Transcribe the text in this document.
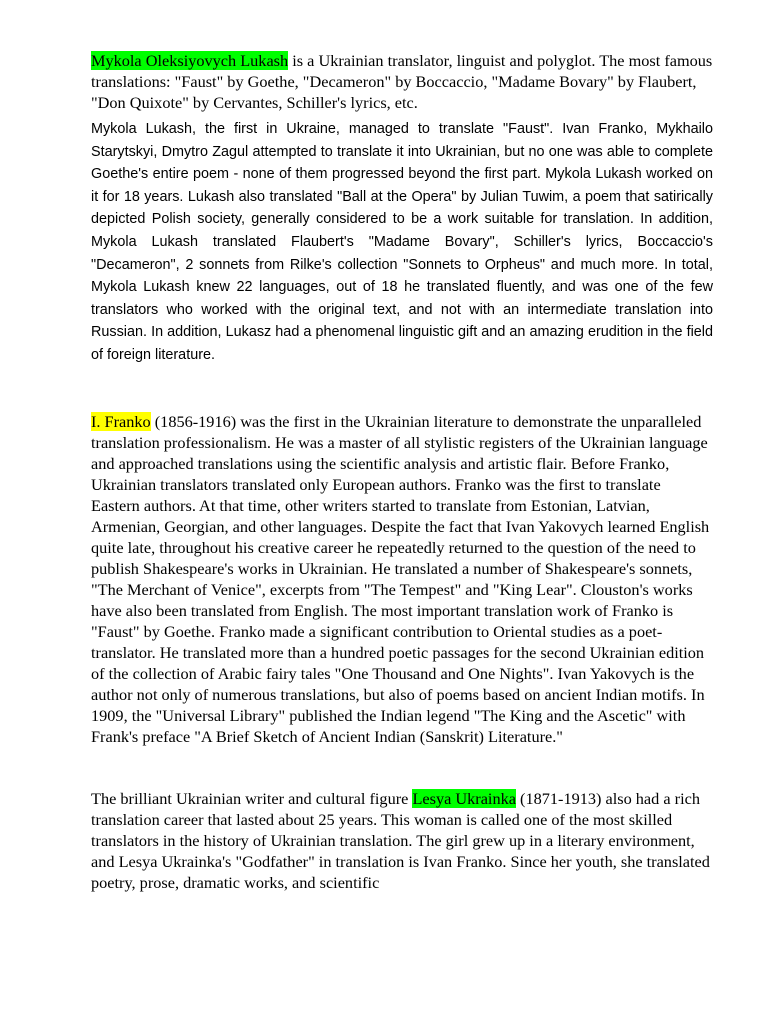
Mykola Oleksiyovych Lukash is a Ukrainian translator, linguist and polyglot. The most famous translations: "Faust" by Goethe, "Decameron" by Boccaccio, "Madame Bovary" by Flaubert, "Don Quixote" by Cervantes, Schiller's lyrics, etc.

Mykola Lukash, the first in Ukraine, managed to translate "Faust". Ivan Franko, Mykhailo Starytskyi, Dmytro Zagul attempted to translate it into Ukrainian, but no one was able to complete Goethe's entire poem - none of them progressed beyond the first part. Mykola Lukash worked on it for 18 years. Lukash also translated "Ball at the Opera" by Julian Tuwim, a poem that satirically depicted Polish society, generally considered to be a work suitable for translation. In addition, Mykola Lukash translated Flaubert's "Madame Bovary", Schiller's lyrics, Boccaccio's "Decameron", 2 sonnets from Rilke's collection "Sonnets to Orpheus" and much more. In total, Mykola Lukash knew 22 languages, out of 18 he translated fluently, and was one of the few translators who worked with the original text, and not with an intermediate translation into Russian. In addition, Lukasz had a phenomenal linguistic gift and an amazing erudition in the field of foreign literature.

I. Franko (1856-1916) was the first in the Ukrainian literature to demonstrate the unparalleled translation professionalism. He was a master of all stylistic registers of the Ukrainian language and approached translations using the scientific analysis and artistic flair. Before Franko, Ukrainian translators translated only European authors. Franko was the first to translate Eastern authors. At that time, other writers started to translate from Estonian, Latvian, Armenian, Georgian, and other languages. Despite the fact that Ivan Yakovych learned English quite late, throughout his creative career he repeatedly returned to the question of the need to publish Shakespeare's works in Ukrainian. He translated a number of Shakespeare's sonnets, "The Merchant of Venice", excerpts from "The Tempest" and "King Lear". Clouston's works have also been translated from English. The most important translation work of Franko is "Faust" by Goethe. Franko made a significant contribution to Oriental studies as a poet-translator. He translated more than a hundred poetic passages for the second Ukrainian edition of the collection of Arabic fairy tales "One Thousand and One Nights". Ivan Yakovych is the author not only of numerous translations, but also of poems based on ancient Indian motifs. In 1909, the "Universal Library" published the Indian legend "The King and the Ascetic" with Frank's preface "A Brief Sketch of Ancient Indian (Sanskrit) Literature."

The brilliant Ukrainian writer and cultural figure Lesya Ukrainka (1871-1913) also had a rich translation career that lasted about 25 years. This woman is called one of the most skilled translators in the history of Ukrainian translation. The girl grew up in a literary environment, and Lesya Ukrainka's "Godfather" in translation is Ivan Franko. Since her youth, she translated poetry, prose, dramatic works, and scientific
